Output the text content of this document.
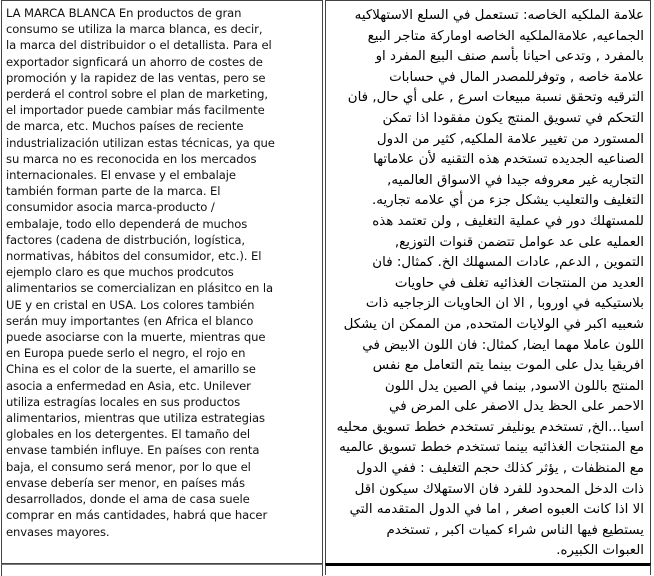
LA MARCA BLANCA En productos de gran
consumo se utiliza la marca blanca, es decir,
la marca del distribuidor o el detallista. Para el
exportador signficará un ahorro de costes de
promoción y la rapidez de las ventas, pero se
perderá el control sobre el plan de marketing,
el importador puede cambiar más facilmente
de marca, etc. Muchos países de reciente
industrialización utilizan estas técnicas, ya que
su marca no es reconocida en los mercados
internacionales. El envase y el embalaje
también forman parte de la marca. El
consumidor asocia marca-producto /
embalaje, todo ello dependerá de muchos
factores (cadena de distrbución, logística,
normativas, hábitos del consumidor, etc.). El
ejemplo claro es que muchos prodcutos
alimentarios se comercializan en plásitco en la
UE y en cristal en USA. Los colores también
serán muy importantes (en Africa el blanco
puede asociarse con la muerte, mientras que
en Europa puede serlo el negro, el rojo en
China es el color de la suerte, el amarillo se
asocia a enfermedad en Asia, etc. Unilever
utiliza estragías locales en sus productos
alimentarios, mientras que utiliza estrategias
globales en los detergentes. El tamaño del
envase también influye. En países con renta
baja, el consumo será menor, por lo que el
envase debería ser menor, en países más
desarrollados, donde el ama de casa suele
comprar en más cantidades, habrá que hacer
envases mayores.
علامة الملكيه الخاصه: تستعمل في السلع الاستهلاكيه
الجماعيه, علامةالملكيه الخاصه اوماركة متاجر البيع
بالمفرد , وتدعى احيانا بأسم صنف البيع المفرد او
علامة خاصه , وتوفرللمصدر المال في حسابات
الترقيه وتحقق نسبة مبيعات اسرع , على أي حال, فان
التحكم في تسويق المنتج يكون مفقودا اذا تمكن
المستورد من تغيير علامة الملكيه, كثير من الدول
الصناعيه الجديده تستخدم هذه التقنيه لأن علاماتها
التجاريه غير معروفه جيدا في الاسواق العالميه,
التغليف والتعليب يشكل جزء من أي علامه تجاريه.
للمستهلك دور في عملية التغليف , ولن تعتمد هذه
العمليه على عد عوامل تتضمن قنوات التوزيع,
التموين , الدعم, عادات المسهلك الخ. كمثال: فان
العديد من المنتجات الغذائيه تغلف في حاويات
بلاستيكيه في اوروبا , الا ان الحاويات الزجاجيه ذات
شعبيه اكبر في الولايات المتحده, من الممكن ان يشكل
اللون عاملا مهما ايضا, كمثال: فان اللون الابيض في
افريقيا يدل على الموت بينما يتم التعامل مع نفس
المنتج باللون الاسود, بينما في الصين يدل اللون
الاحمر على الحظ يدل الاصفر على المرض في
اسيا...الخ, تستخدم يونليفر تستخدم خطط تسويق محليه
مع المنتجات الغذائيه بينما تستخدم خطط تسويق عالميه
مع المنظفات , يؤثر كذلك حجم التغليف : ففي الدول
ذات الدخل المحدود للفرد فان الاستهلاك سيكون اقل
الا اذا كانت العبوه اصغر , اما في الدول المتقدمه التي
يستطيع فيها الناس شراء كميات اكبر , تستخدم
العبوات الكبيره.
